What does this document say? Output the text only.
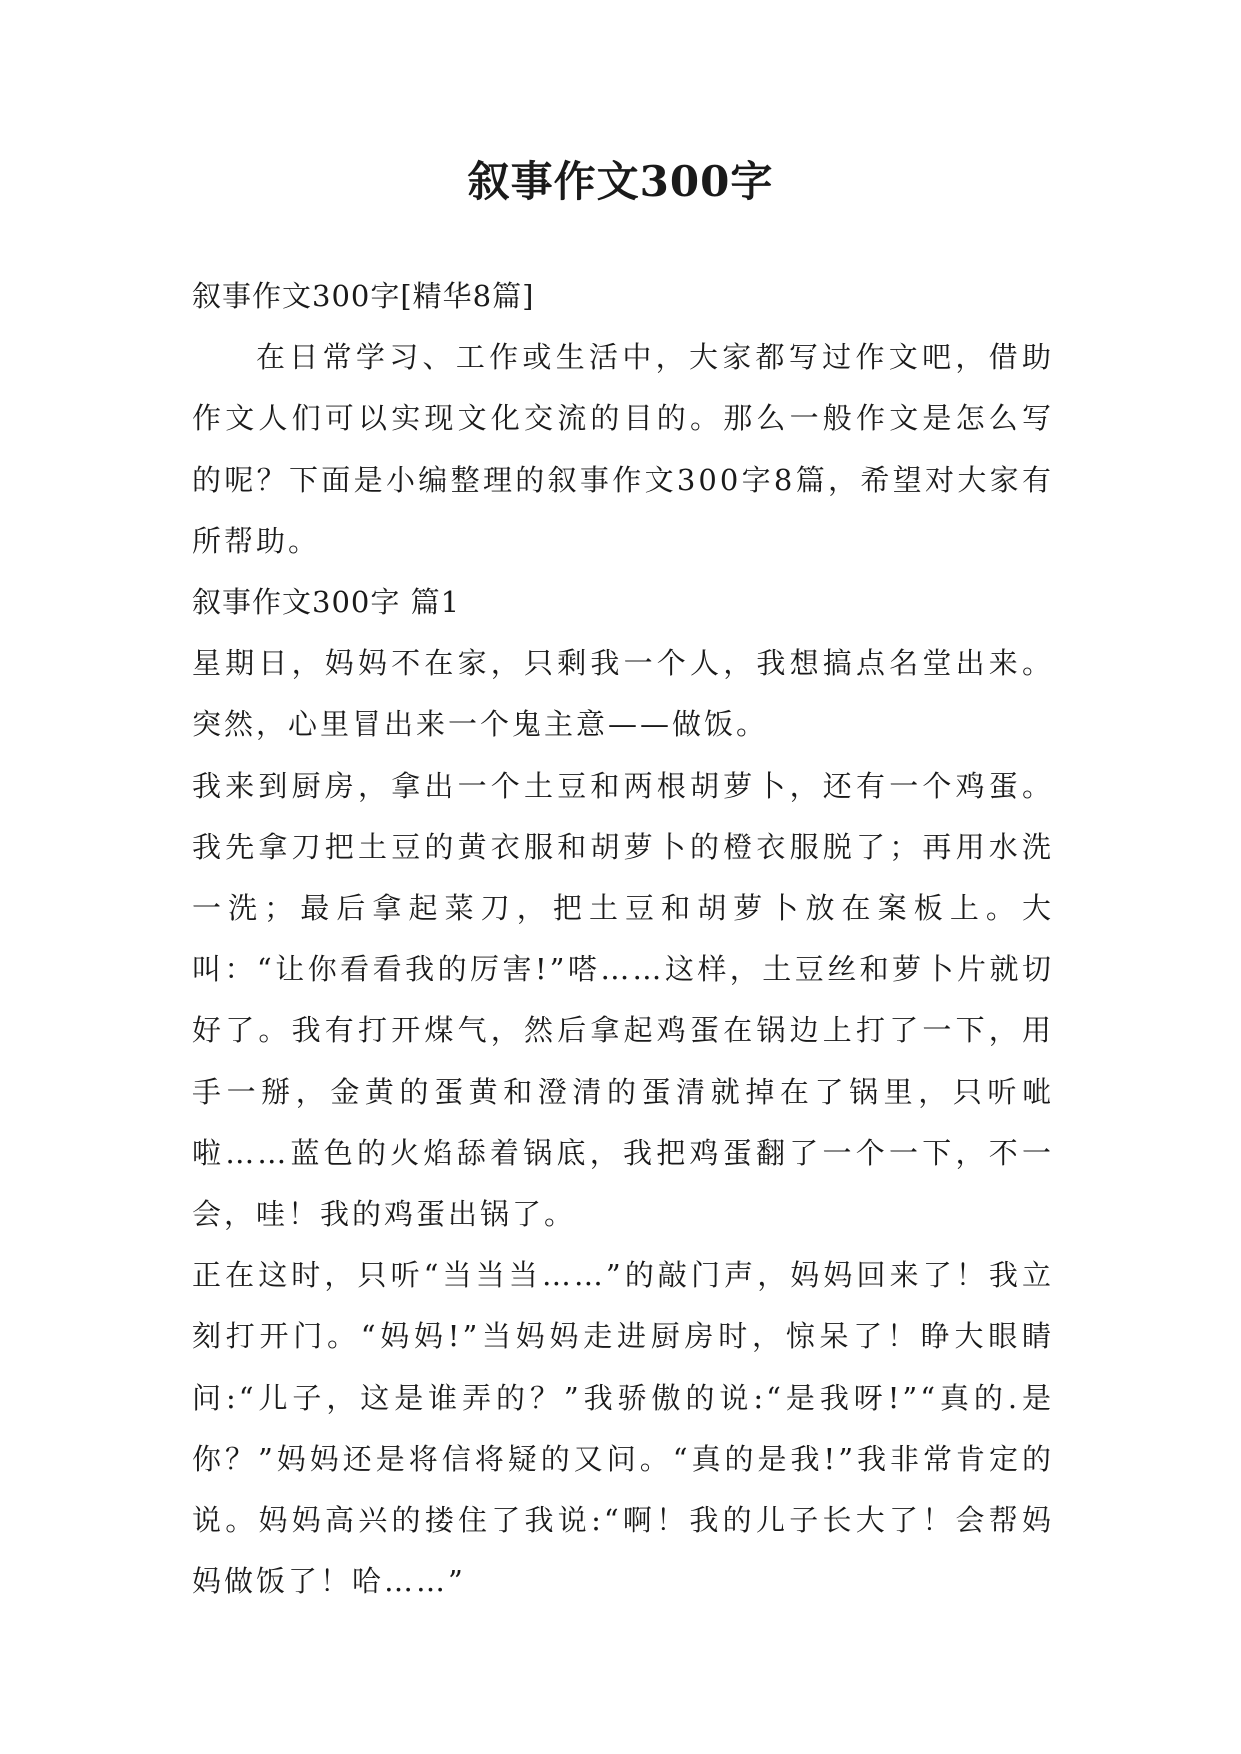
叙事作文300字

叙事作文300字[精华8篇]

在日常学习、工作或生活中，大家都写过作文吧，借助作文人们可以实现文化交流的目的。那么一般作文是怎么写的呢？下面是小编整理的叙事作文300字8篇，希望对大家有所帮助。

叙事作文300字 篇1

星期日，妈妈不在家，只剩我一个人，我想搞点名堂出来。突然，心里冒出来一个鬼主意——做饭。

我来到厨房，拿出一个土豆和两根胡萝卜，还有一个鸡蛋。我先拿刀把土豆的黄衣服和胡萝卜的橙衣服脱了；再用水洗一洗；最后拿起菜刀，把土豆和胡萝卜放在案板上。大叫：“让你看看我的厉害!”嗒……这样，土豆丝和萝卜片就切好了。我有打开煤气，然后拿起鸡蛋在锅边上打了一下，用手一掰，金黄的蛋黄和澄清的蛋清就掉在了锅里，只听呲啦……蓝色的火焰舔着锅底，我把鸡蛋翻了一个一下，不一会，哇！我的鸡蛋出锅了。

正在这时，只听“当当当……”的敲门声，妈妈回来了！我立刻打开门。“妈妈!”当妈妈走进厨房时，惊呆了！睁大眼睛问:“儿子，这是谁弄的？”我骄傲的说:“是我呀!”“真的.是你？”妈妈还是将信将疑的又问。“真的是我!”我非常肯定的说。妈妈高兴的搂住了我说:“啊！我的儿子长大了！会帮妈妈做饭了！哈……”
